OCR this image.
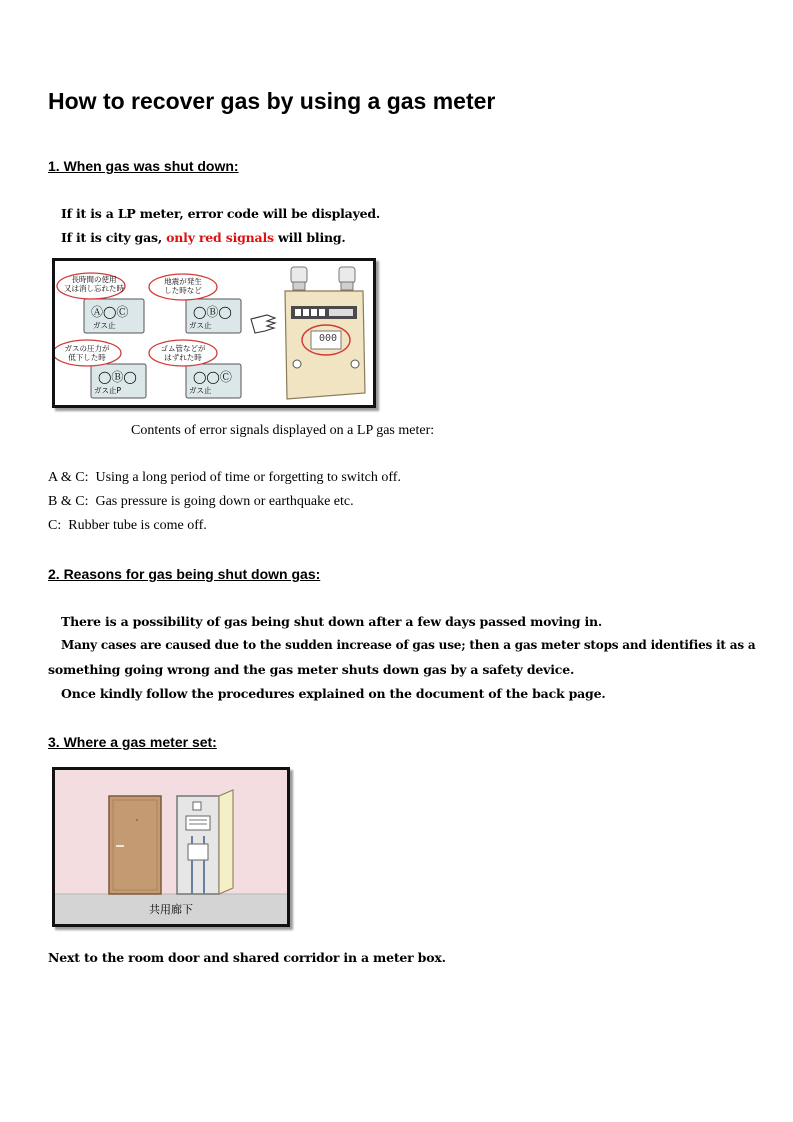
How to recover gas by using a gas meter

1. When gas was shut down:

If it is a LP meter, error code will be displayed.
If it is city gas, only red signals will bling.
長時間の使用
又は消し忘れた時
Ⓐ◯Ⓒ
ガス止
地震が発生
した時など
◯Ⓑ◯
ガス止
ガスの圧力が
低下した時
◯Ⓑ◯
ガス止P
ゴム管などが
はずれた時
◯◯Ⓒ
ガス止
000
Contents of error signals displayed on a LP gas meter:
A & C: Using a long period of time or forgetting to switch off.
B & C: Gas pressure is going down or earthquake etc.
C: Rubber tube is come off.

2. Reasons for gas being shut down gas:

There is a possibility of gas being shut down after a few days passed moving in.
Many cases are caused due to the sudden increase of gas use; then a gas meter stops and identifies it as a
something going wrong and the gas meter shuts down gas by a safety device.
Once kindly follow the procedures explained on the document of the back page.

3. Where a gas meter set:

共用廊下
Next to the room door and shared corridor in a meter box.
